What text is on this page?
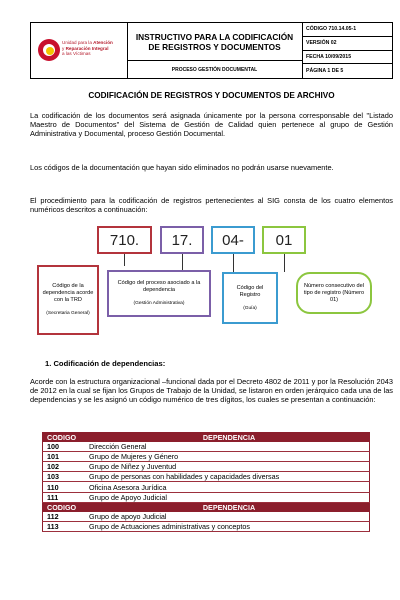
Unidad para la Atención
y Reparación Integral
a las Víctimas
INSTRUCTIVO PARA LA CODIFICACIÓN DE REGISTROS Y DOCUMENTOS
PROCESO GESTIÓN DOCUMENTAL
CÓDIGO 710.14.05-1
VERSIÓN 02
FECHA 10/09/2015
PÁGINA 1 DE 5
CODIFICACIÓN DE REGISTROS Y DOCUMENTOS DE ARCHIVO
La codificación de los documentos será asignada únicamente por la persona corresponsable del "Listado Maestro de Documentos" del Sistema de Gestión de Calidad quien pertenece al grupo de Gestión Administrativa y Documental, proceso Gestión Documental.
Los códigos de la documentación que hayan sido eliminados no podrán usarse nuevamente.
El procedimiento para la codificación de registros pertenecientes al SIG consta de los cuatro elementos numéricos descritos a continuación:
710.	17.	04-	01
Código de la dependencia acorde con la TRD
(Secretaria General)
Código del proceso asociado a la dependencia
(Gestión Administrativa)
Código del Registro
(Guía)
Número consecutivo del tipo de registro (Número 01)
1. Codificación de dependencias:
Acorde con la estructura organizacional –funcional dada por el Decreto 4802 de 2011 y por la Resolución 2043 de 2012 en la cual se fijan los Grupos de Trabajo de la Unidad, se listaron en orden jerárquico cada una de las dependencias y se les asignó un código numérico de tres dígitos, los cuales se presentan a continuación:
CODIGO	DEPENDENCIA
100	Dirección General
101	Grupo de Mujeres y Género
102	Grupo de Niñez y Juventud
103	Grupo de personas con habilidades y capacidades diversas
110	Oficina Asesora Jurídica
111	Grupo de Apoyo Judicial
CODIGO	DEPENDENCIA
112	Grupo de apoyo Judicial
113	Grupo de Actuaciones administrativas y conceptos
